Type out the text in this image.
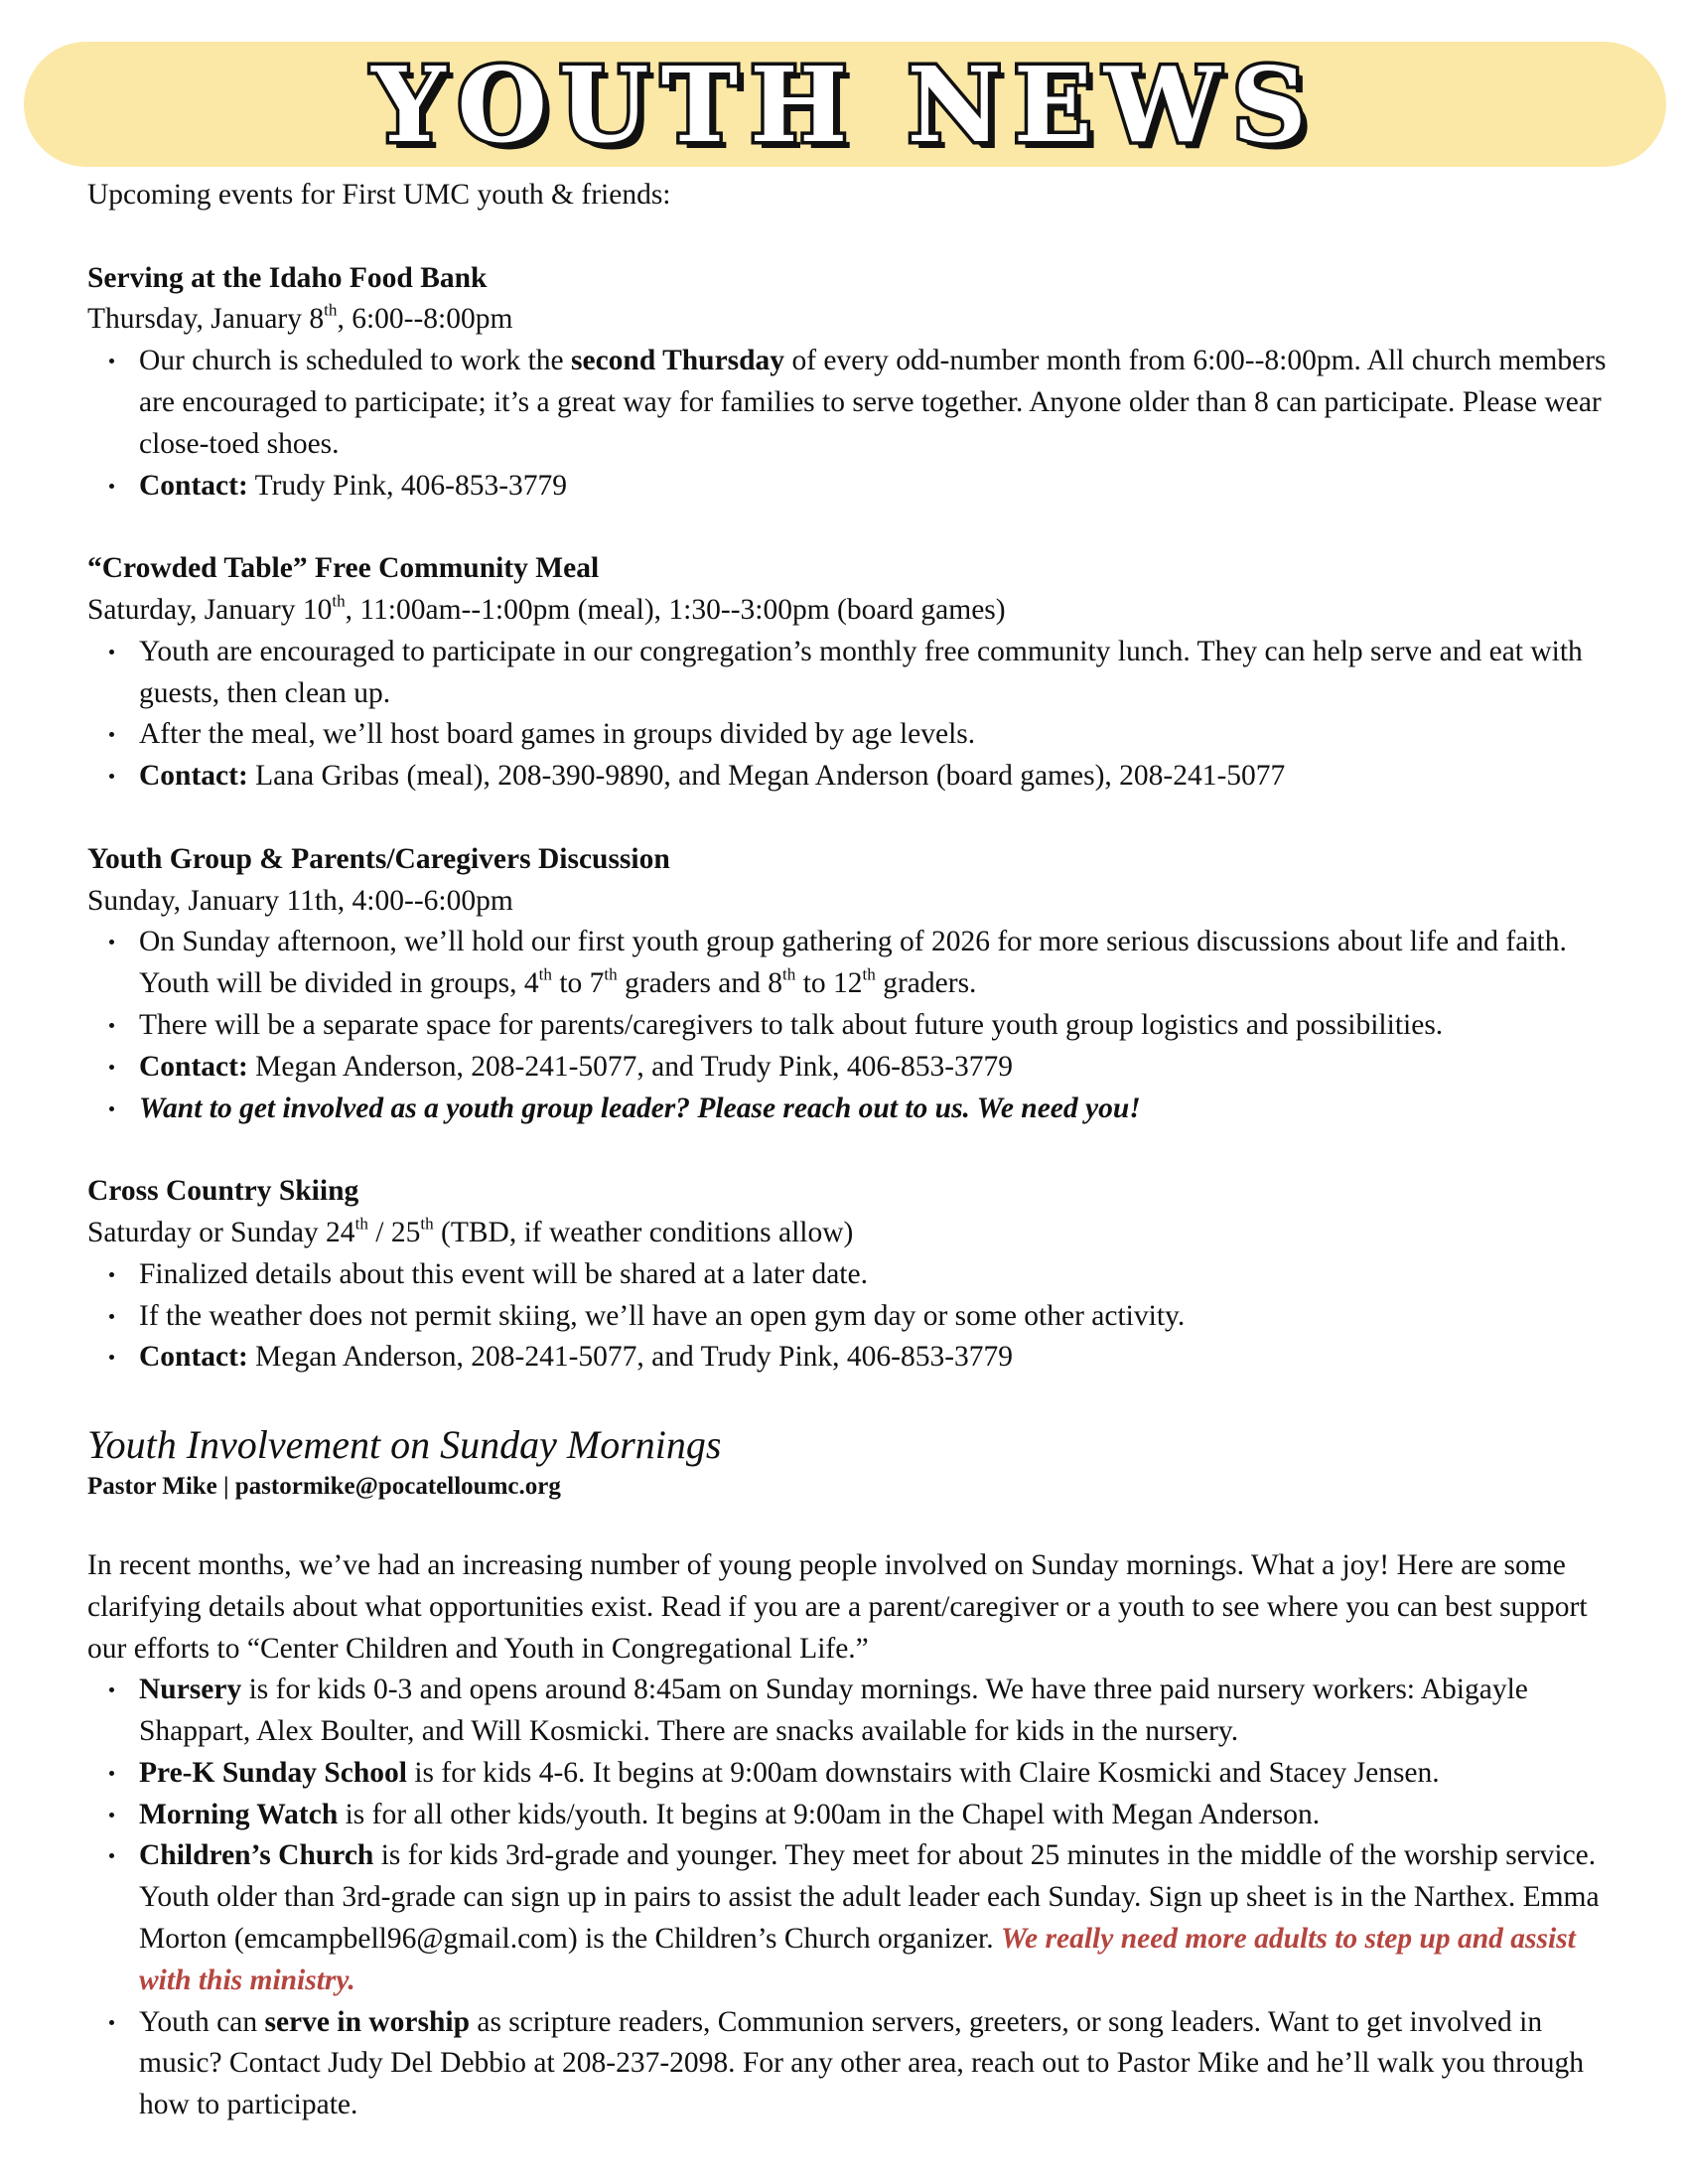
YOUTH NEWS

Upcoming events for First UMC youth & friends:

Serving at the Idaho Food Bank

Thursday, January 8th, 6:00--8:00pm

Our church is scheduled to work the second Thursday of every odd-number month from 6:00--8:00pm. All church members are encouraged to participate; it’s a great way for families to serve together. Anyone older than 8 can participate. Please wear close-toed shoes.
Contact: Trudy Pink, 406-853-3779

“Crowded Table” Free Community Meal

Saturday, January 10th, 11:00am--1:00pm (meal), 1:30--3:00pm (board games)

Youth are encouraged to participate in our congregation’s monthly free community lunch. They can help serve and eat with guests, then clean up.
After the meal, we’ll host board games in groups divided by age levels.
Contact: Lana Gribas (meal), 208-390-9890, and Megan Anderson (board games), 208-241-5077

Youth Group & Parents/Caregivers Discussion

Sunday, January 11th, 4:00--6:00pm

On Sunday afternoon, we’ll hold our first youth group gathering of 2026 for more serious discussions about life and faith. Youth will be divided in groups, 4th to 7th graders and 8th to 12th graders.
There will be a separate space for parents/caregivers to talk about future youth group logistics and possibilities.
Contact: Megan Anderson, 208-241-5077, and Trudy Pink, 406-853-3779
Want to get involved as a youth group leader? Please reach out to us. We need you!

Cross Country Skiing

Saturday or Sunday 24th / 25th (TBD, if weather conditions allow)

Finalized details about this event will be shared at a later date.
If the weather does not permit skiing, we’ll have an open gym day or some other activity.
Contact: Megan Anderson, 208-241-5077, and Trudy Pink, 406-853-3779

Youth Involvement on Sunday Mornings

Pastor Mike | pastormike@pocatelloumc.org

In recent months, we’ve had an increasing number of young people involved on Sunday mornings. What a joy! Here are some clarifying details about what opportunities exist. Read if you are a parent/caregiver or a youth to see where you can best support our efforts to “Center Children and Youth in Congregational Life.”

Nursery is for kids 0-3 and opens around 8:45am on Sunday mornings. We have three paid nursery workers: Abigayle Shappart, Alex Boulter, and Will Kosmicki. There are snacks available for kids in the nursery.
Pre-K Sunday School is for kids 4-6. It begins at 9:00am downstairs with Claire Kosmicki and Stacey Jensen.
Morning Watch is for all other kids/youth. It begins at 9:00am in the Chapel with Megan Anderson.
Children’s Church is for kids 3rd-grade and younger. They meet for about 25 minutes in the middle of the worship service. Youth older than 3rd-grade can sign up in pairs to assist the adult leader each Sunday. Sign up sheet is in the Narthex. Emma Morton (emcampbell96@gmail.com) is the Children’s Church organizer. We really need more adults to step up and assist with this ministry.
Youth can serve in worship as scripture readers, Communion servers, greeters, or song leaders. Want to get involved in music? Contact Judy Del Debbio at 208-237-2098. For any other area, reach out to Pastor Mike and he’ll walk you through how to participate.
